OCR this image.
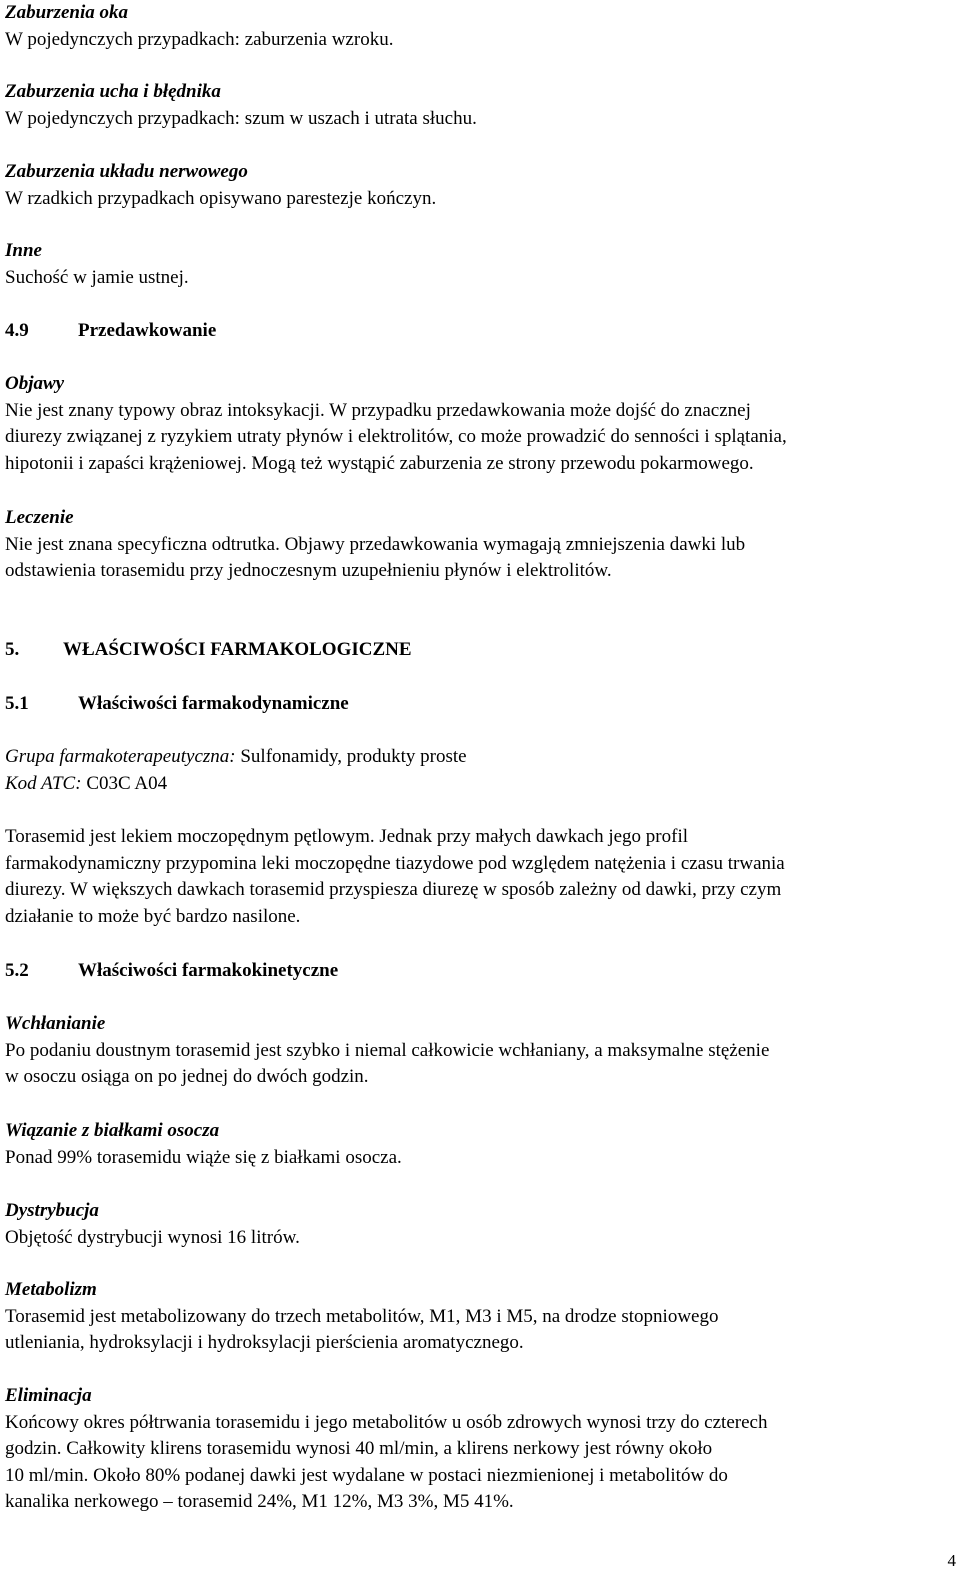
Zaburzenia oka
W pojedynczych przypadkach: zaburzenia wzroku.
Zaburzenia ucha i błędnika
W pojedynczych przypadkach: szum w uszach i utrata słuchu.
Zaburzenia układu nerwowego
W rzadkich przypadkach opisywano parestezje kończyn.
Inne
Suchość w jamie ustnej.
4.9	Przedawkowanie
Objawy
Nie jest znany typowy obraz intoksykacji. W przypadku przedawkowania może dojść do znacznej
diurezy związanej z ryzykiem utraty płynów i elektrolitów, co może prowadzić do senności i splątania,
hipotonii i zapaści krążeniowej. Mogą też wystąpić zaburzenia ze strony przewodu pokarmowego.
Leczenie
Nie jest znana specyficzna odtrutka. Objawy przedawkowania wymagają zmniejszenia dawki lub
odstawienia torasemidu przy jednoczesnym uzupełnieniu płynów i elektrolitów.
5. WŁAŚCIWOŚCI FARMAKOLOGICZNE
5.1	Właściwości farmakodynamiczne
Grupa farmakoterapeutyczna: Sulfonamidy, produkty proste
Kod ATC: C03C A04
Torasemid jest lekiem moczopędnym pętlowym. Jednak przy małych dawkach jego profil
farmakodynamiczny przypomina leki moczopędne tiazydowe pod względem natężenia i czasu trwania
diurezy. W większych dawkach torasemid przyspiesza diurezę w sposób zależny od dawki, przy czym
działanie to może być bardzo nasilone.
5.2	Właściwości farmakokinetyczne
Wchłanianie
Po podaniu doustnym torasemid jest szybko i niemal całkowicie wchłaniany, a maksymalne stężenie
w osoczu osiąga on po jednej do dwóch godzin.
Wiązanie z białkami osocza
Ponad 99% torasemidu wiąże się z białkami osocza.
Dystrybucja
Objętość dystrybucji wynosi 16 litrów.
Metabolizm
Torasemid jest metabolizowany do trzech metabolitów, M1, M3 i M5, na drodze stopniowego
utleniania, hydroksylacji i hydroksylacji pierścienia aromatycznego.
Eliminacja
Końcowy okres półtrwania torasemidu i jego metabolitów u osób zdrowych wynosi trzy do czterech
godzin. Całkowity klirens torasemidu wynosi 40 ml/min, a klirens nerkowy jest równy około
10 ml/min. Około 80% podanej dawki jest wydalane w postaci niezmienionej i metabolitów do
kanalika nerkowego – torasemid 24%, M1 12%, M3 3%, M5 41%.
4
